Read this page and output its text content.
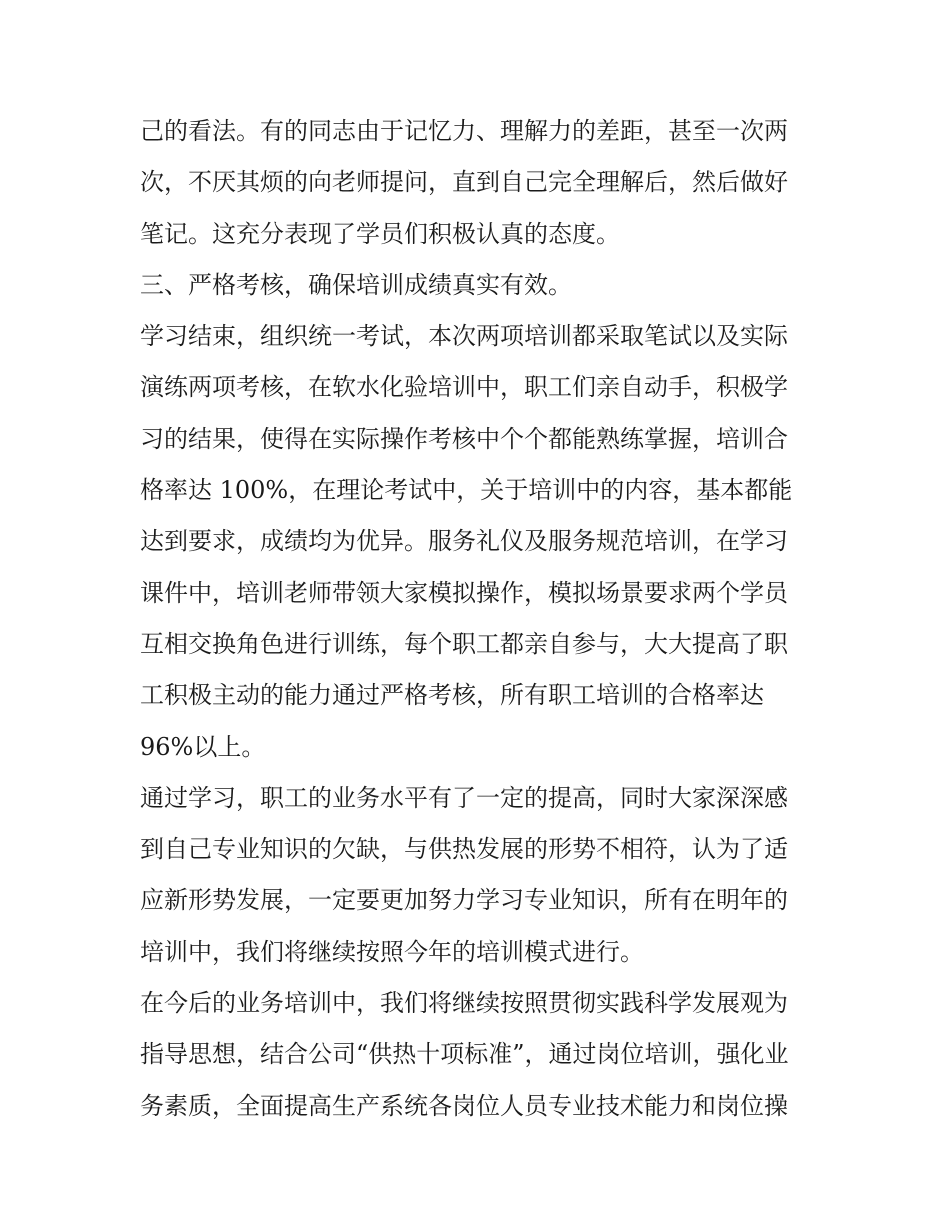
己的看法。有的同志由于记忆力、理解力的差距，甚至一次两
次，不厌其烦的向老师提问，直到自己完全理解后，然后做好
笔记。这充分表现了学员们积极认真的态度。
三、严格考核，确保培训成绩真实有效。
学习结束，组织统一考试，本次两项培训都采取笔试以及实际
演练两项考核，在软水化验培训中，职工们亲自动手，积极学
习的结果，使得在实际操作考核中个个都能熟练掌握，培训合
格率达 100%，在理论考试中，关于培训中的内容，基本都能
达到要求，成绩均为优异。服务礼仪及服务规范培训，在学习
课件中，培训老师带领大家模拟操作，模拟场景要求两个学员
互相交换角色进行训练，每个职工都亲自参与，大大提高了职
工积极主动的能力通过严格考核，所有职工培训的合格率达
96%以上。
通过学习，职工的业务水平有了一定的提高，同时大家深深感
到自己专业知识的欠缺，与供热发展的形势不相符，认为了适
应新形势发展，一定要更加努力学习专业知识，所有在明年的
培训中，我们将继续按照今年的培训模式进行。
在今后的业务培训中，我们将继续按照贯彻实践科学发展观为
指导思想，结合公司“供热十项标准”，通过岗位培训，强化业
务素质，全面提高生产系统各岗位人员专业技术能力和岗位操
